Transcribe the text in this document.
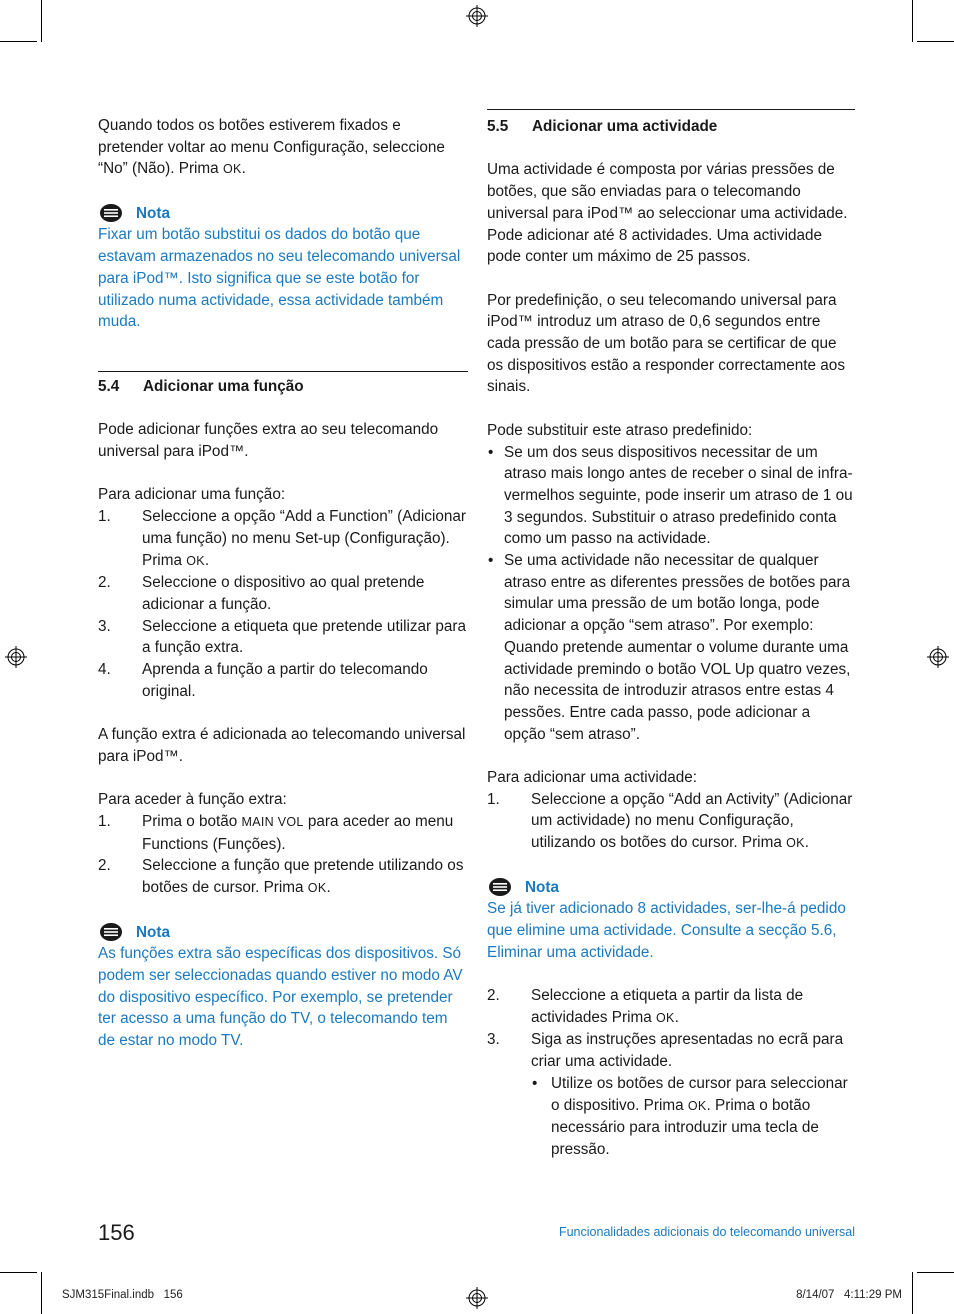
Quando todos os botões estiverem fixados e pretender voltar ao menu Configuração, seleccione “No” (Não). Prima OK.

Nota

Fixar um botão substitui os dados do botão que estavam armazenados no seu telecomando universal para iPod™. Isto significa que se este botão for utilizado numa actividade, essa actividade também muda.

5.4 Adicionar uma função

Pode adicionar funções extra ao seu telecomando universal para iPod™.

Para adicionar uma função:

1. Seleccione a opção “Add a Function” (Adicionar uma função) no menu Set-up (Configuração). Prima OK.
2. Seleccione o dispositivo ao qual pretende adicionar a função.
3. Seleccione a etiqueta que pretende utilizar para a função extra.
4. Aprenda a função a partir do telecomando original.

A função extra é adicionada ao telecomando universal para iPod™.

Para aceder à função extra:

1. Prima o botão MAIN VOL para aceder ao menu Functions (Funções).
2. Seleccione a função que pretende utilizando os botões de cursor. Prima OK.
Nota

As funções extra são específicas dos dispositivos. Só podem ser seleccionadas quando estiver no modo AV do dispositivo específico. Por exemplo, se pretender ter acesso a uma função do TV, o telecomando tem de estar no modo TV.

5.5 Adicionar uma actividade

Uma actividade é composta por várias pressões de botões, que são enviadas para o telecomando universal para iPod™ ao seleccionar uma actividade. Pode adicionar até 8 actividades. Uma actividade pode conter um máximo de 25 passos.

Por predefinição, o seu telecomando universal para iPod™ introduz um atraso de 0,6 segundos entre cada pressão de um botão para se certificar de que os dispositivos estão a responder correctamente aos sinais.

Pode substituir este atraso predefinido:

• Se um dos seus dispositivos necessitar de um atraso mais longo antes de receber o sinal de infra-vermelhos seguinte, pode inserir um atraso de 1 ou 3 segundos. Substituir o atraso predefinido conta como um passo na actividade.
• Se uma actividade não necessitar de qualquer atraso entre as diferentes pressões de botões para simular uma pressão de um botão longa, pode adicionar a opção “sem atraso”. Por exemplo: Quando pretende aumentar o volume durante uma actividade premindo o botão VOL Up quatro vezes, não necessita de introduzir atrasos entre estas 4 pessões. Entre cada passo, pode adicionar a opção “sem atraso”.

Para adicionar uma actividade:

1. Seleccione a opção “Add an Activity” (Adicionar um actividade) no menu Configuração, utilizando os botões do cursor. Prima OK.
Nota

Se já tiver adicionado 8 actividades, ser-lhe-á pedido que elimine uma actividade. Consulte a secção 5.6, Eliminar uma actividade.

2. Seleccione a etiqueta a partir da lista de actividades Prima OK.
3. Siga as instruções apresentadas no ecrã para criar uma actividade.
• Utilize os botões de cursor para seleccionar o dispositivo. Prima OK. Prima o botão necessário para introduzir uma tecla de pressão.
156	Funcionalidades adicionais do telecomando universal
SJM315Final.indb   156	8/14/07   4:11:29 PM
